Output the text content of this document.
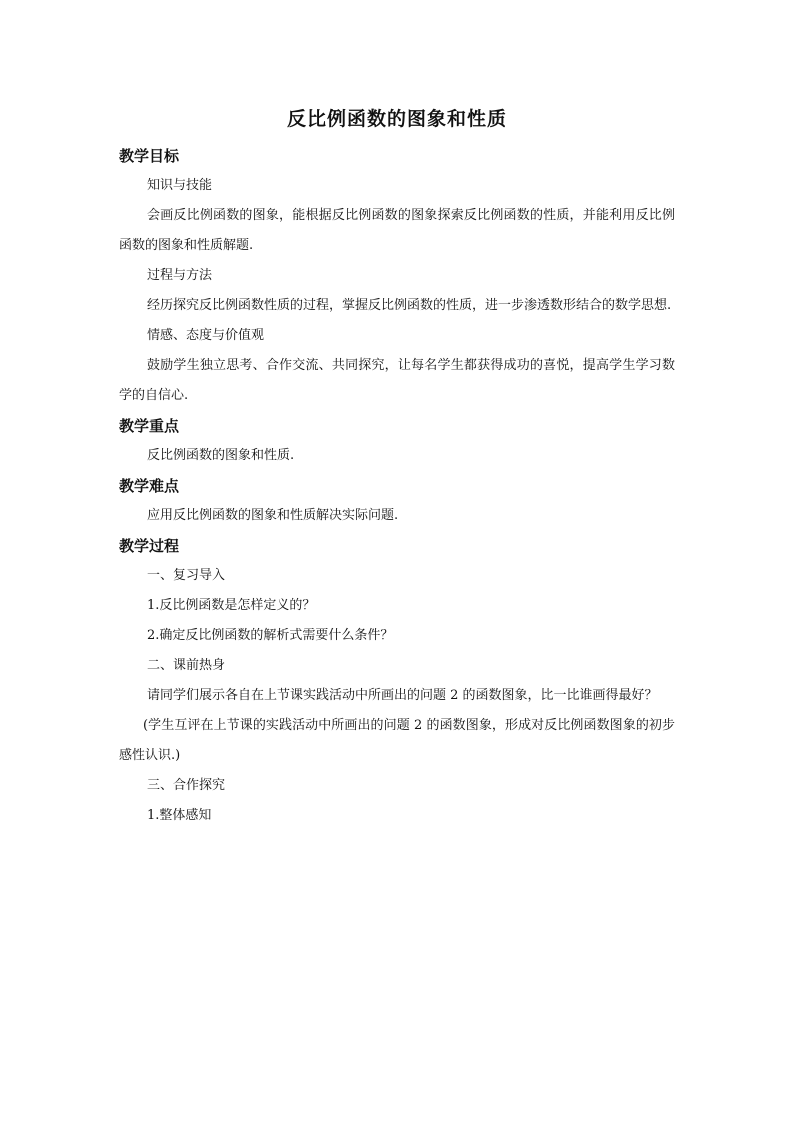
反比例函数的图象和性质
教学目标
知识与技能
会画反比例函数的图象，能根据反比例函数的图象探索反比例函数的性质，并能利用反比例函数的图象和性质解题.
过程与方法
经历探究反比例函数性质的过程，掌握反比例函数的性质，进一步渗透数形结合的数学思想.
情感、态度与价值观
鼓励学生独立思考、合作交流、共同探究，让每名学生都获得成功的喜悦，提高学生学习数学的自信心.
教学重点
反比例函数的图象和性质.
教学难点
应用反比例函数的图象和性质解决实际问题.
教学过程
一、复习导入
1.反比例函数是怎样定义的？
2.确定反比例函数的解析式需要什么条件？
二、课前热身
请同学们展示各自在上节课实践活动中所画出的问题 2 的函数图象，比一比谁画得最好？
(学生互评在上节课的实践活动中所画出的问题 2 的函数图象，形成对反比例函数图象的初步感性认识.)
三、合作探究
1.整体感知
